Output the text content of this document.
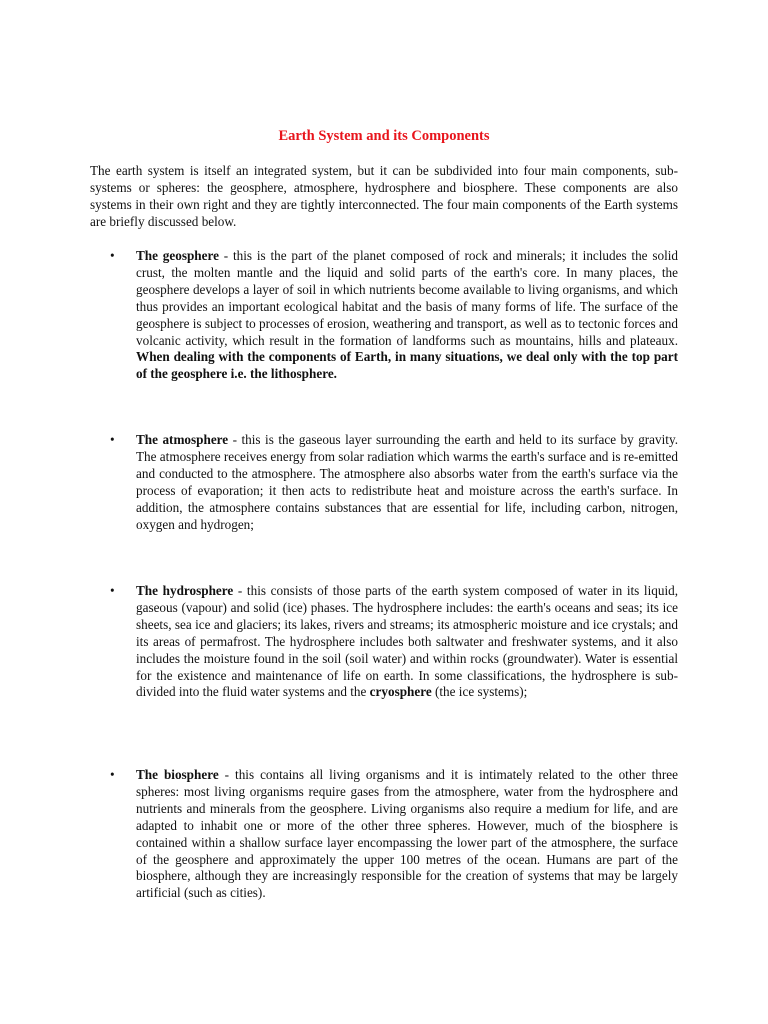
Earth System and its Components

The earth system is itself an integrated system, but it can be subdivided into four main components, sub-systems or spheres: the geosphere, atmosphere, hydrosphere and biosphere. These components are also systems in their own right and they are tightly interconnected. The four main components of the Earth systems are briefly discussed below.

• The geosphere - this is the part of the planet composed of rock and minerals; it includes the solid crust, the molten mantle and the liquid and solid parts of the earth's core. In many places, the geosphere develops a layer of soil in which nutrients become available to living organisms, and which thus provides an important ecological habitat and the basis of many forms of life. The surface of the geosphere is subject to processes of erosion, weathering and transport, as well as to tectonic forces and volcanic activity, which result in the formation of landforms such as mountains, hills and plateaux. When dealing with the components of Earth, in many situations, we deal only with the top part of the geosphere i.e. the lithosphere.

• The atmosphere - this is the gaseous layer surrounding the earth and held to its surface by gravity. The atmosphere receives energy from solar radiation which warms the earth's surface and is re-emitted and conducted to the atmosphere. The atmosphere also absorbs water from the earth's surface via the process of evaporation; it then acts to redistribute heat and moisture across the earth's surface. In addition, the atmosphere contains substances that are essential for life, including carbon, nitrogen, oxygen and hydrogen;

• The hydrosphere - this consists of those parts of the earth system composed of water in its liquid, gaseous (vapour) and solid (ice) phases. The hydrosphere includes: the earth's oceans and seas; its ice sheets, sea ice and glaciers; its lakes, rivers and streams; its atmospheric moisture and ice crystals; and its areas of permafrost. The hydrosphere includes both saltwater and freshwater systems, and it also includes the moisture found in the soil (soil water) and within rocks (groundwater). Water is essential for the existence and maintenance of life on earth. In some classifications, the hydrosphere is sub-divided into the fluid water systems and the cryosphere (the ice systems);

• The biosphere - this contains all living organisms and it is intimately related to the other three spheres: most living organisms require gases from the atmosphere, water from the hydrosphere and nutrients and minerals from the geosphere. Living organisms also require a medium for life, and are adapted to inhabit one or more of the other three spheres. However, much of the biosphere is contained within a shallow surface layer encompassing the lower part of the atmosphere, the surface of the geosphere and approximately the upper 100 metres of the ocean. Humans are part of the biosphere, although they are increasingly responsible for the creation of systems that may be largely artificial (such as cities).
